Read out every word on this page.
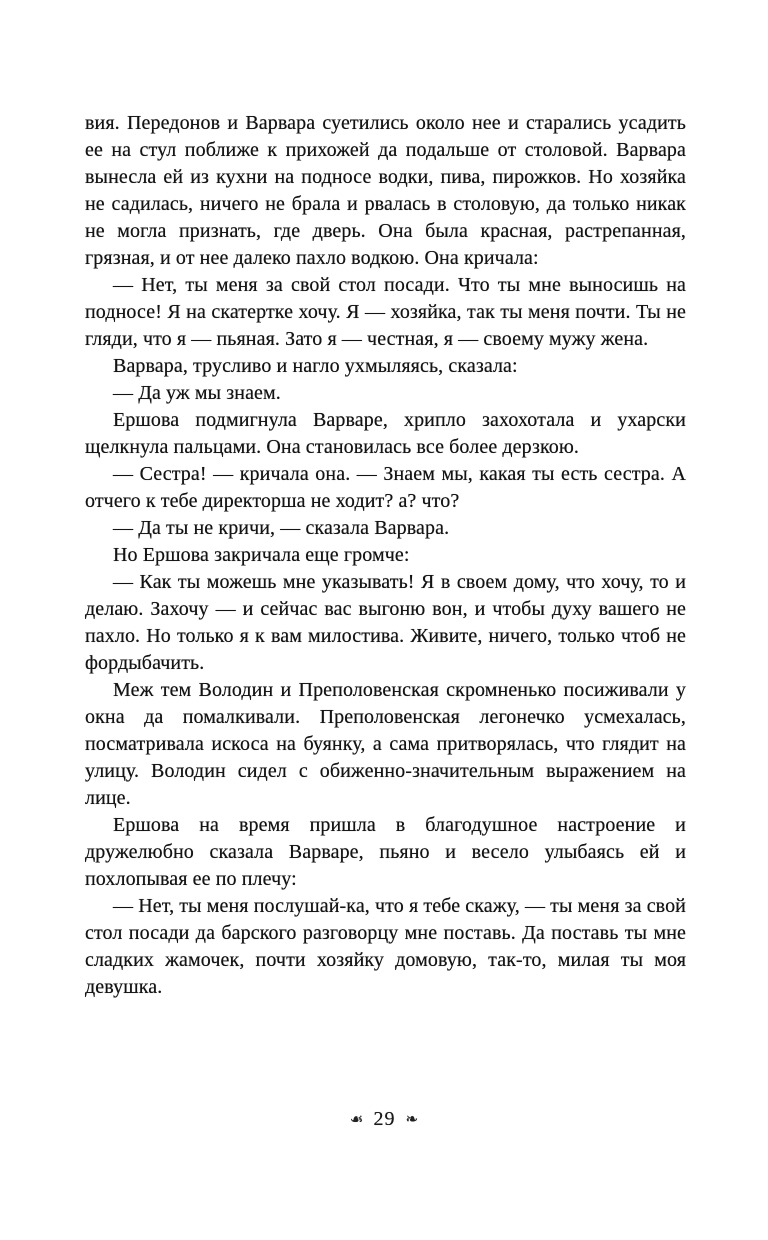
вия. Передонов и Варвара суетились около нее и старались усадить ее на стул поближе к прихожей да подальше от столовой. Варвара вынесла ей из кухни на подносе водки, пива, пирожков. Но хозяйка не садилась, ничего не брала и рвалась в столовую, да только никак не могла признать, где дверь. Она была красная, растрепанная, грязная, и от нее далеко пахло водкою. Она кричала:

— Нет, ты меня за свой стол посади. Что ты мне выносишь на подносе! Я на скатертке хочу. Я — хозяйка, так ты меня почти. Ты не гляди, что я — пьяная. Зато я — честная, я — своему мужу жена.

Варвара, трусливо и нагло ухмыляясь, сказала:

— Да уж мы знаем.

Ершова подмигнула Варваре, хрипло захохотала и ухарски щелкнула пальцами. Она становилась все более дерзкою.

— Сестра! — кричала она. — Знаем мы, какая ты есть сестра. А отчего к тебе директорша не ходит? а? что?

— Да ты не кричи, — сказала Варвара.

Но Ершова закричала еще громче:

— Как ты можешь мне указывать! Я в своем дому, что хочу, то и делаю. Захочу — и сейчас вас выгоню вон, и чтобы духу вашего не пахло. Но только я к вам милостива. Живите, ничего, только чтоб не фордыбачить.

Меж тем Володин и Преполовенская скромненько посиживали у окна да помалкивали. Преполовенская легонечко усмехалась, посматривала искоса на буянку, а сама притворялась, что глядит на улицу. Володин сидел с обиженно-значительным выражением на лице.

Ершова на время пришла в благодушное настроение и дружелюбно сказала Варваре, пьяно и весело улыбаясь ей и похлопывая ее по плечу:

— Нет, ты меня послушай-ка, что я тебе скажу, — ты меня за свой стол посади да барского разговорцу мне поставь. Да поставь ты мне сладких жамочек, почти хозяйку домовую, так-то, милая ты моя девушка.

☙ 29 ❧
